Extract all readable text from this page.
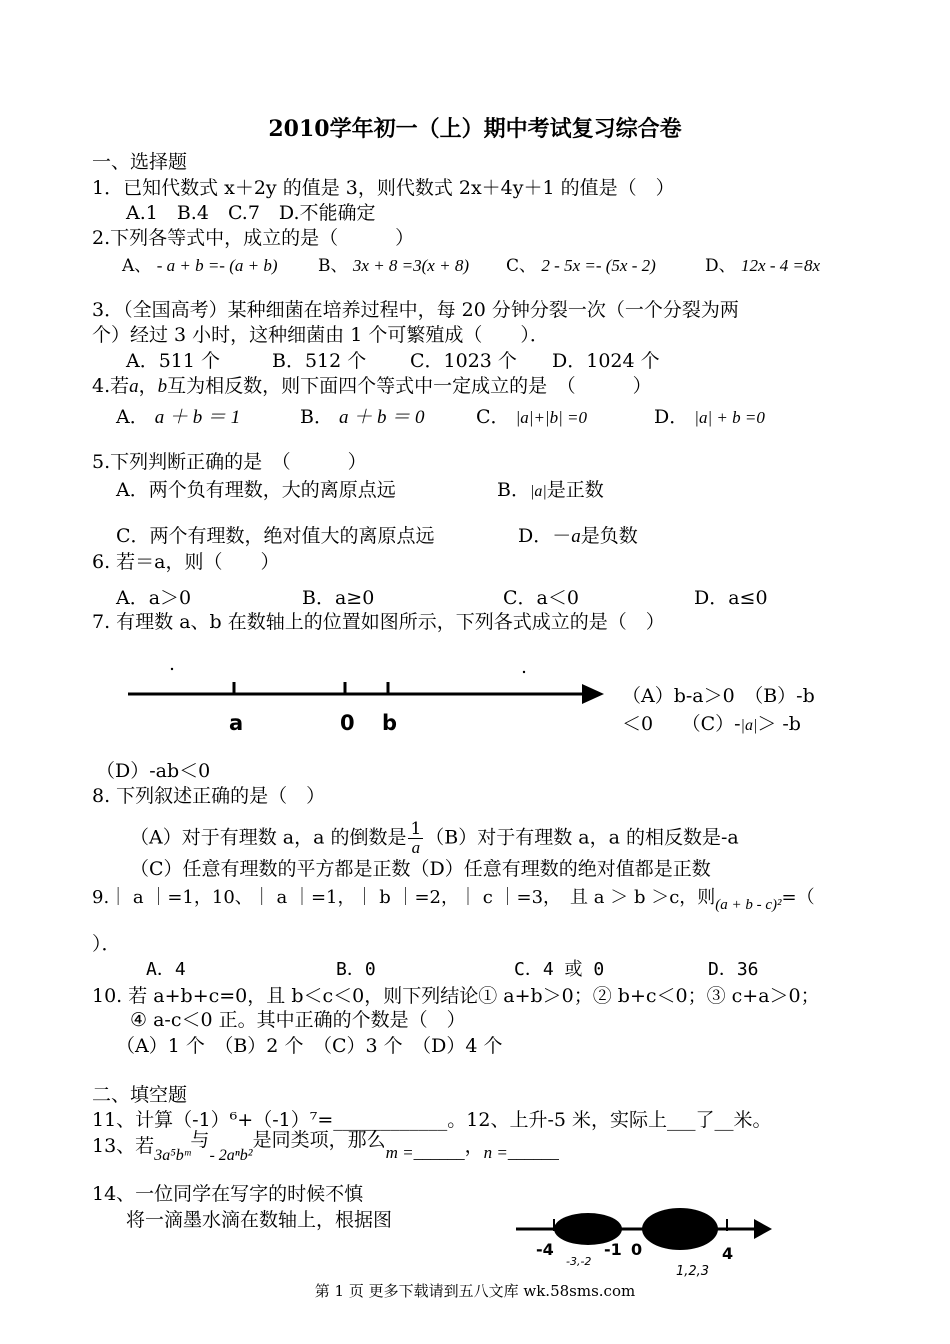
2010学年初一（上）期中考试复习综合卷
一、选择题
1．已知代数式 x＋2y 的值是 3，则代数式 2x＋4y＋1 的值是（　）
A.1　B.4　C.7　D.不能确定
2.下列各等式中，成立的是（　　　）
A、 - a + b =- (a + b) B、 3x + 8 =3(x + 8) C、 2 - 5x =- (5x - 2)	D、 12x - 4 =8x
3．（全国高考）某种细菌在培养过程中，每 20 分钟分裂一次（一个分裂为两
个）经过 3 小时，这种细菌由 1 个可繁殖成（　　）．
A．511 个	B．512 个 C．1023 个 D．1024 个
4.若a，b互为相反数，则下面四个等式中一定成立的是　（　　　）
A． a ＋ b ＝ 1	B． a ＋ b ＝ 0	C． |a|+|b| =0	D． |a| + b =0
5.下列判断正确的是　（　　　）
A．两个负有理数，大的离原点远	B．|a|是正数
C．两个有理数，绝对值大的离原点远	D．－a是负数
6. 若＝a，则（　　）
A．a＞0	B．a≥0	C．a＜0	D．a≤0
7. 有理数 a、b 在数轴上的位置如图所示，下列各式成立的是（　）
a	0 b
（A）b-a＞0　（B）-b
＜0　　（C）-|a|＞ -b
（D）-ab＜0
8. 下列叙述正确的是（　）
（A）对于有理数 a，a 的倒数是 $\frac{1}{a} (B)$对于有理数 a，a 的相反数是-a
（C）任意有理数的平方都是正数（D）任意有理数的绝对值都是正数
9.｜ a ｜=1，10、｜ a ｜=1，｜ b ｜=2，｜ c ｜=3，　且 a ＞ b ＞c，则$_{(a + b - c)^2}$=（
）．
A．4	B．0	C．4 或 0	D．36
10. 若 a+b+c=0，且 b＜c＜0，则下列结论① a+b＞0；② b+c＜0；③ c+a＞0；
④ a-c＜0 正。其中正确的个数是（　）
（A）1 个　（B）2 个　（C）3 个　（D）4 个
二、填空题
11、计算（-1）⁶+（-1）⁷=____________。12、上升-5 米，实际上___了__米。
13、若$_{3a^5bᵐ}$与$_{- 2a^nb^2}$是同类项，那么m =______，n =______
14、一位同学在写字的时候不慎
将一滴墨水滴在数轴上，根据图
-4	-1 0	4
-3,-2
1,2,3
第 1 页 更多下载请到五八文库 wk.58sms.com
